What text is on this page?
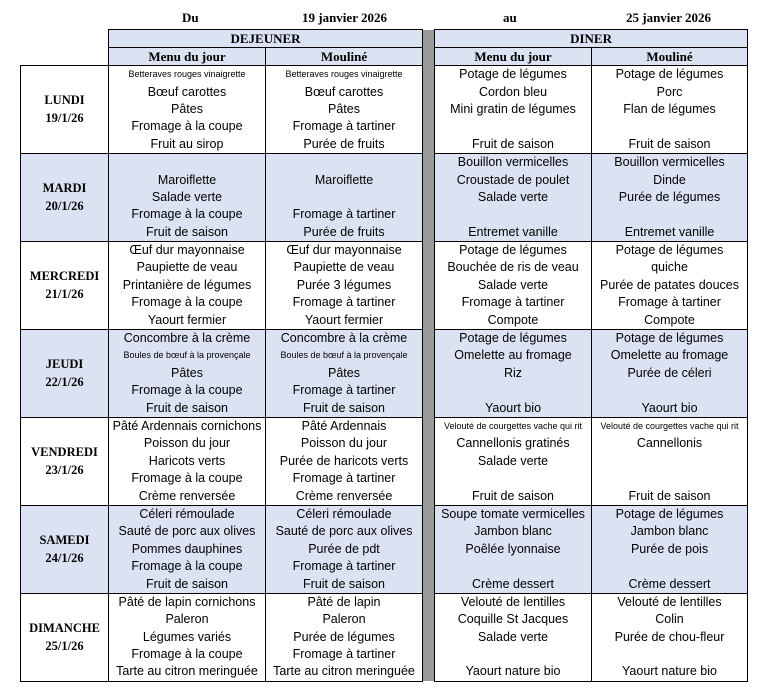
Du	19 janvier 2026	au	25 janvier 2026
	DEJEUNER			DINER	
	Menu du jour	Mouliné		Menu du jour	Mouliné

LUNDI
19/1/26	Betteraves rouges vinaigrette	Betteraves rouges vinaigrette		Potage de légumes	Potage de légumes
	Bœuf carottes	Bœuf carottes		Cordon bleu	Porc
	Pâtes	Pâtes		Mini gratin de légumes	Flan de légumes
	Fromage à la coupe	Fromage à tartiner			
	Fruit au sirop	Purée de fruits		Fruit de saison	Fruit de saison

MARDI
20/1/26				Bouillon vermicelles	Bouillon vermicelles
	Maroiflette	Maroiflette		Croustade de poulet	Dinde
	Salade verte			Salade verte	Purée de légumes
	Fromage à la coupe	Fromage à tartiner			
	Fruit de saison	Purée de fruits		Entremet vanille	Entremet vanille

MERCREDI
21/1/26	Œuf dur mayonnaise	Œuf dur mayonnaise		Potage de légumes	Potage de légumes
	Paupiette de veau	Paupiette de veau		Bouchée de ris de veau	quiche
	Printanière de légumes	Purée 3 légumes		Salade verte	Purée de patates douces
	Fromage à la coupe	Fromage à tartiner		Fromage à tartiner	Fromage à tartiner
	Yaourt fermier	Yaourt fermier		Compote	Compote

JEUDI
22/1/26	Concombre à la crème	Concombre à la crème		Potage de légumes	Potage de légumes
	Boules de bœuf à la provençale	Boules de bœuf à la provençale		Omelette au fromage	Omelette au fromage
	Pâtes	Pâtes		Riz	Purée de céleri
	Fromage à la coupe	Fromage à tartiner			
	Fruit de saison	Fruit de saison		Yaourt bio	Yaourt bio

VENDREDI
23/1/26	Pâté Ardennais cornichons	Pâté Ardennais		Velouté de courgettes vache qui rit	Velouté de courgettes vache qui rit
	Poisson du jour	Poisson du jour		Cannellonis gratinés	Cannellonis
	Haricots verts	Purée de haricots verts		Salade verte	
	Fromage à la coupe	Fromage à tartiner			
	Crème renversée	Crème renversée		Fruit de saison	Fruit de saison

SAMEDI
24/1/26	Céleri rémoulade	Céleri rémoulade		Soupe tomate vermicelles	Potage de légumes
	Sauté de porc aux olives	Sauté de porc aux olives		Jambon blanc	Jambon blanc
	Pommes dauphines	Purée de pdt		Poêlée lyonnaise	Purée de pois
	Fromage à la coupe	Fromage à tartiner			
	Fruit de saison	Fruit de saison		Crème dessert	Crème dessert

DIMANCHE
25/1/26	Pâté de lapin cornichons	Pâté de lapin		Velouté de lentilles	Velouté de lentilles
	Paleron	Paleron		Coquille St Jacques	Colin
	Légumes variés	Purée de légumes		Salade verte	Purée de chou-fleur
	Fromage à la coupe	Fromage à tartiner			
	Tarte au citron meringuée	Tarte au citron meringuée		Yaourt nature bio	Yaourt nature bio
